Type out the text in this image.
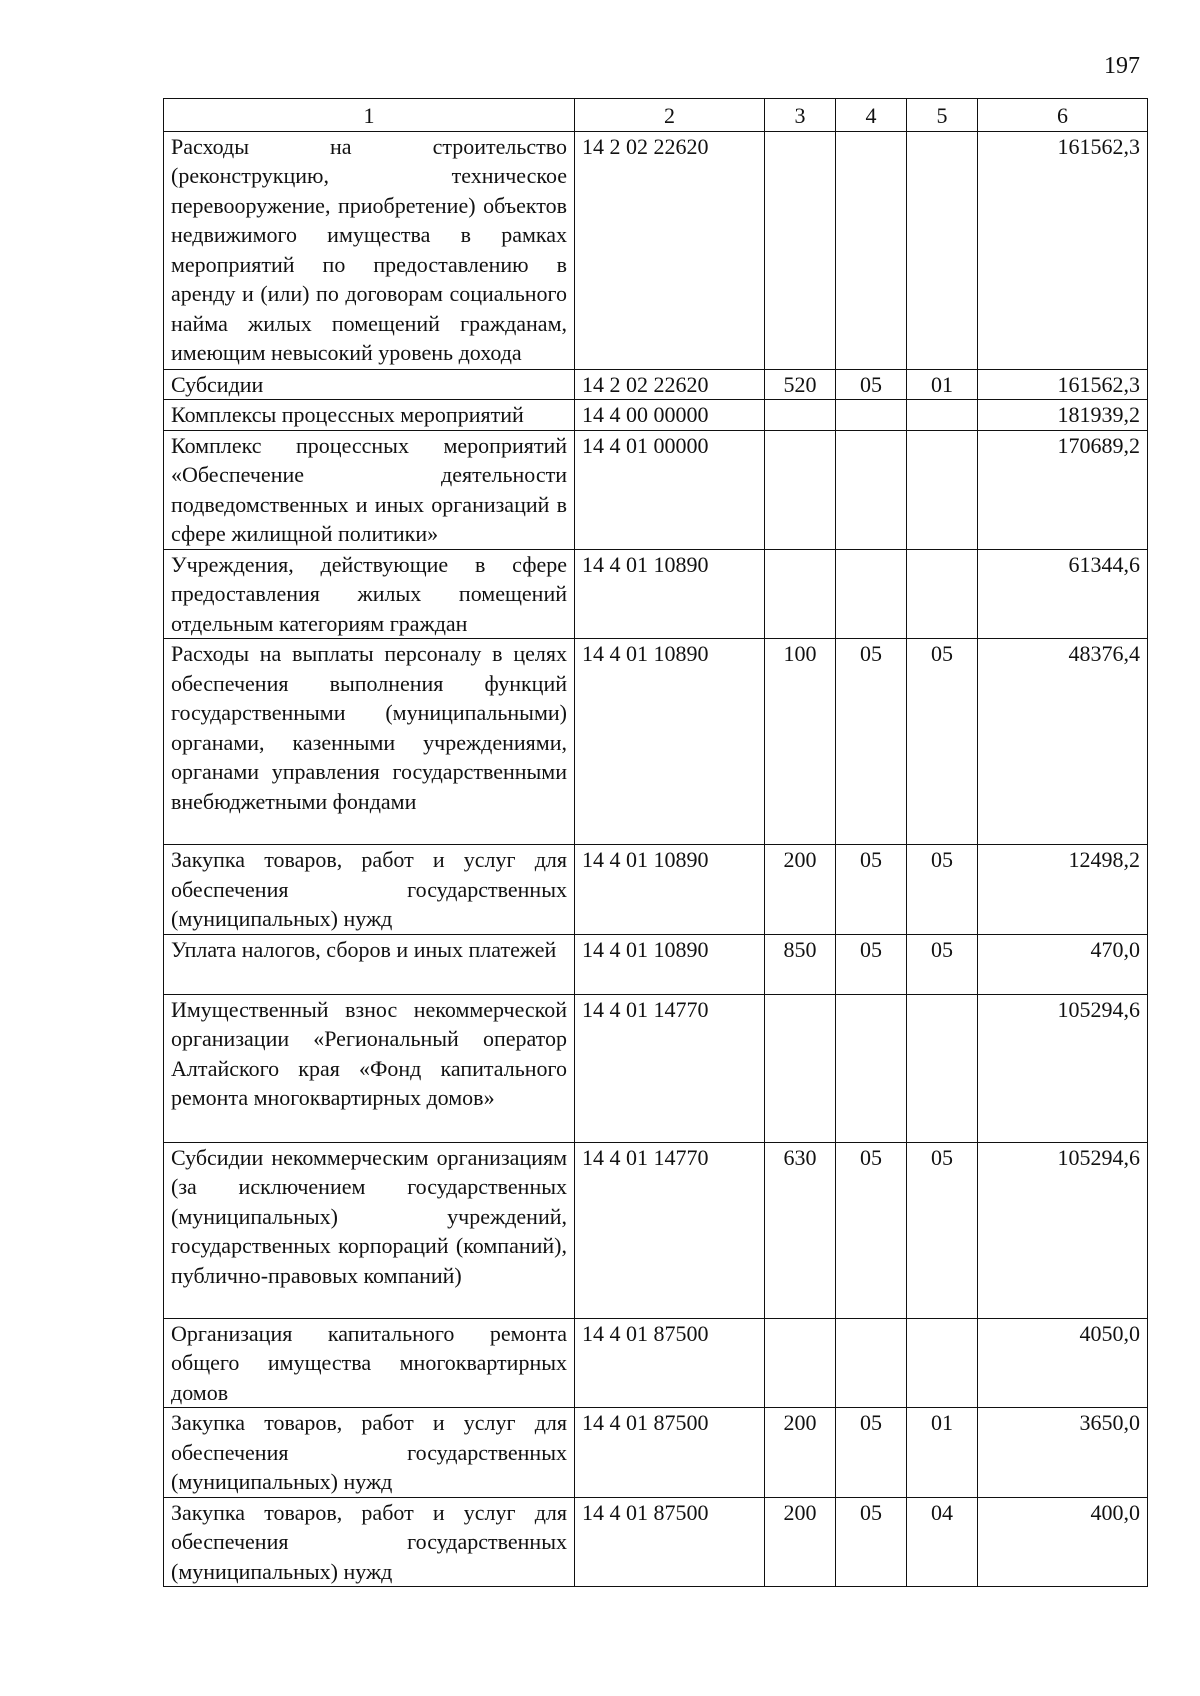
197
1	2	3	4	5	6
Расходы на строительство (реконструкцию, техническое перевооружение, приобретение) объектов недвижимого имущества в рамках мероприятий по предоставлению в аренду и (или) по договорам социального найма жилых помещений гражданам, имеющим невысокий уровень дохода	14 2 02 22620				161562,3
Субсидии	14 2 02 22620	520	05	01	161562,3
Комплексы процессных мероприятий	14 4 00 00000				181939,2
Комплекс процессных мероприятий «Обеспечение деятельности подведомственных и иных организаций в сфере жилищной политики»	14 4 01 00000				170689,2
Учреждения, действующие в сфере предоставления жилых помещений отдельным категориям граждан	14 4 01 10890				61344,6
Расходы на выплаты персоналу в целях обеспечения выполнения функций государственными (муниципальными) органами, казенными учреждениями, органами управления государственными внебюджетными фондами	14 4 01 10890	100	05	05	48376,4
Закупка товаров, работ и услуг для обеспечения государственных (муниципальных) нужд	14 4 01 10890	200	05	05	12498,2
Уплата налогов, сборов и иных платежей	14 4 01 10890	850	05	05	470,0
Имущественный взнос некоммерческой организации «Региональный оператор Алтайского края «Фонд капитального ремонта многоквартирных домов»	14 4 01 14770				105294,6
Субсидии некоммерческим организациям (за исключением государственных (муниципальных) учреждений, государственных корпораций (компаний), публично-правовых компаний)	14 4 01 14770	630	05	05	105294,6
Организация капитального ремонта общего имущества многоквартирных домов	14 4 01 87500				4050,0
Закупка товаров, работ и услуг для обеспечения государственных (муниципальных) нужд	14 4 01 87500	200	05	01	3650,0
Закупка товаров, работ и услуг для обеспечения государственных (муниципальных) нужд	14 4 01 87500	200	05	04	400,0
